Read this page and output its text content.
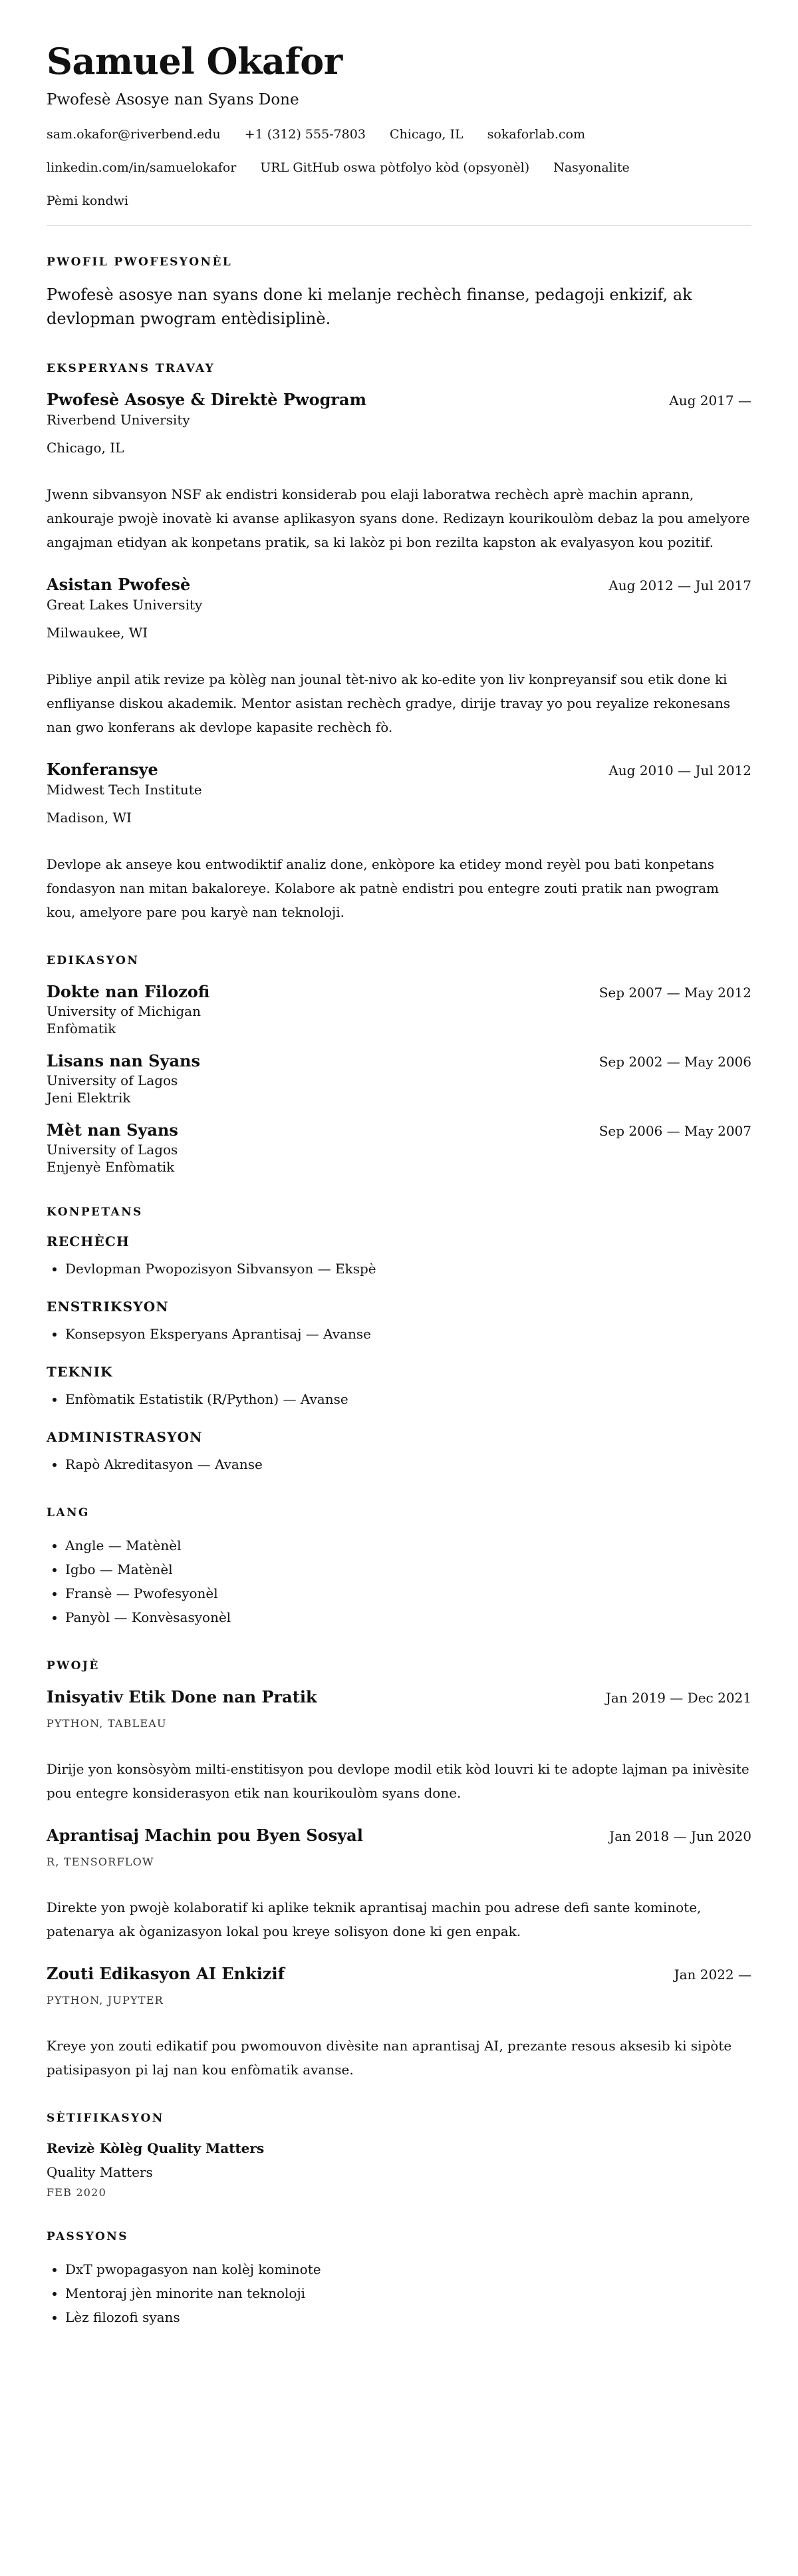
Samuel Okafor
Pwofesè Asosye nan Syans Done
sam.okafor@riverbend.edu +1 (312) 555-7803 Chicago, IL sokaforlab.com
linkedin.com/in/samuelokafor URL GitHub oswa pòtfolyo kòd (opsyonèl) Nasyonalite
Pèmi kondwi
PWOFIL PWOFESYONÈL
Pwofesè asosye nan syans done ki melanje rechèch finanse, pedagoji enkizif, ak devlopman pwogram entèdisiplinè.
EKSPERYANS TRAVAY
Pwofesè Asosye & Direktè Pwogram	Aug 2017 —
Riverbend University
Chicago, IL
Jwenn sibvansyon NSF ak endistri konsiderab pou elaji laboratwa rechèch aprè machin aprann, ankouraje pwojè inovatè ki avanse aplikasyon syans done. Redizayn kourikoulòm debaz la pou amelyore angajman etidyan ak konpetans pratik, sa ki lakòz pi bon rezilta kapston ak evalyasyon kou pozitif.
Asistan Pwofesè	Aug 2012 — Jul 2017
Great Lakes University
Milwaukee, WI
Pibliye anpil atik revize pa kòlèg nan jounal tèt-nivo ak ko-edite yon liv konpreyansif sou etik done ki enfliyanse diskou akademik. Mentor asistan rechèch gradye, dirije travay yo pou reyalize rekonesans nan gwo konferans ak devlope kapasite rechèch fò.
Konferansye	Aug 2010 — Jul 2012
Midwest Tech Institute
Madison, WI
Devlope ak anseye kou entwodiktif analiz done, enkòpore ka etidey mond reyèl pou bati konpetans fondasyon nan mitan bakaloreye. Kolabore ak patnè endistri pou entegre zouti pratik nan pwogram kou, amelyore pare pou karyè nan teknoloji.
EDIKASYON
Dokte nan Filozofi	Sep 2007 — May 2012
University of Michigan
Enfòmatik
Lisans nan Syans	Sep 2002 — May 2006
University of Lagos
Jeni Elektrik
Mèt nan Syans	Sep 2006 — May 2007
University of Lagos
Enjenyè Enfòmatik
KONPETANS
RECHÈCH
• Devlopman Pwopozisyon Sibvansyon — Ekspè
ENSTRIKSYON
• Konsepsyon Eksperyans Aprantisaj — Avanse
TEKNIK
• Enfòmatik Estatistik (R/Python) — Avanse
ADMINISTRASYON
• Rapò Akreditasyon — Avanse
LANG
• Angle — Matènèl
• Igbo — Matènèl
• Fransè — Pwofesyonèl
• Panyòl — Konvèsasyonèl
PWOJÈ
Inisyativ Etik Done nan Pratik	Jan 2019 — Dec 2021
PYTHON, TABLEAU
Dirije yon konsòsyòm milti-enstitisyon pou devlope modil etik kòd louvri ki te adopte lajman pa inivèsite pou entegre konsiderasyon etik nan kourikoulòm syans done.
Aprantisaj Machin pou Byen Sosyal	Jan 2018 — Jun 2020
R, TENSORFLOW
Direkte yon pwojè kolaboratif ki aplike teknik aprantisaj machin pou adrese defi sante kominote, patenarya ak òganizasyon lokal pou kreye solisyon done ki gen enpak.
Zouti Edikasyon AI Enkizif	Jan 2022 —
PYTHON, JUPYTER
Kreye yon zouti edikatif pou pwomouvon divèsite nan aprantisaj AI, prezante resous aksesib ki sipòte patisipasyon pi laj nan kou enfòmatik avanse.
SÈTIFIKASYON
Revizè Kòlèg Quality Matters
Quality Matters
FEB 2020
PASSYONS
• DxT pwopagasyon nan kolèj kominote
• Mentoraj jèn minorite nan teknoloji
• Lèz filozofi syans
